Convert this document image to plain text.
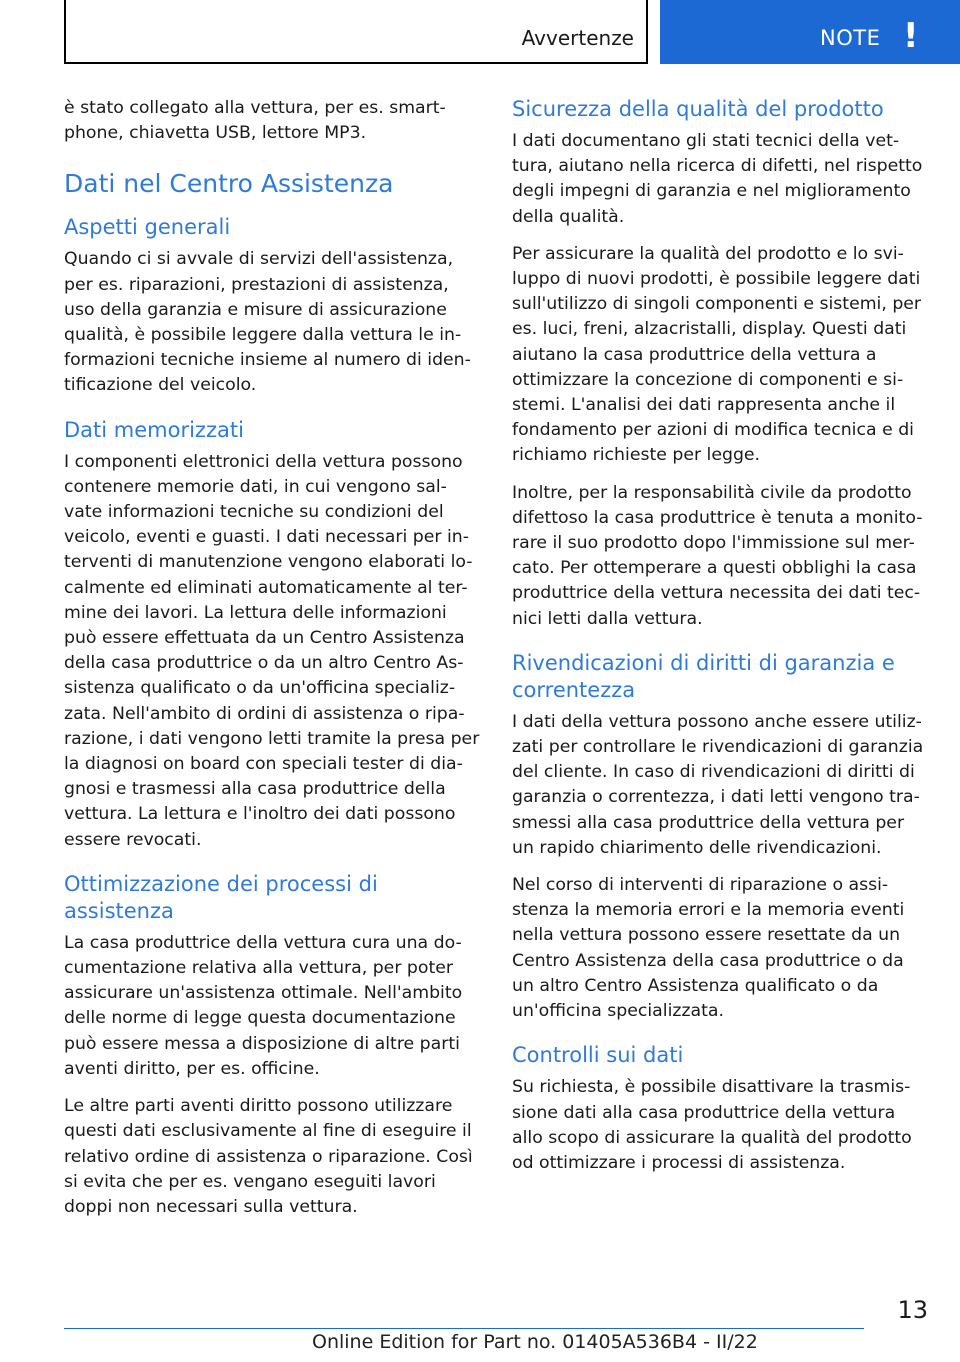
Avvertenze	NOTE !

è stato collegato alla vettura, per es. smart-phone, chiavetta USB, lettore MP3.

Dati nel Centro Assistenza
Aspetti generali

Quando ci si avvale di servizi dell'assistenza, per es. riparazioni, prestazioni di assistenza, uso della garanzia e misure di assicurazione qualità, è possibile leggere dalla vettura le in-formazioni tecniche insieme al numero di iden-tificazione del veicolo.

Dati memorizzati

I componenti elettronici della vettura possono contenere memorie dati, in cui vengono sal-vate informazioni tecniche su condizioni del veicolo, eventi e guasti. I dati necessari per in-terventi di manutenzione vengono elaborati lo-calmente ed eliminati automaticamente al ter-mine dei lavori. La lettura delle informazioni può essere effettuata da un Centro Assistenza della casa produttrice o da un altro Centro As-sistenza qualificato o da un'officina specializ-zata. Nell'ambito di ordini di assistenza o ripa-razione, i dati vengono letti tramite la presa per la diagnosi on board con speciali tester di dia-gnosi e trasmessi alla casa produttrice della vettura. La lettura e l'inoltro dei dati possono essere revocati.

Ottimizzazione dei processi di assistenza

La casa produttrice della vettura cura una do-cumentazione relativa alla vettura, per poter assicurare un'assistenza ottimale. Nell'ambito delle norme di legge questa documentazione può essere messa a disposizione di altre parti aventi diritto, per es. officine.

Le altre parti aventi diritto possono utilizzare questi dati esclusivamente al fine di eseguire il relativo ordine di assistenza o riparazione. Così si evita che per es. vengano eseguiti lavori doppi non necessari sulla vettura.

Sicurezza della qualità del prodotto

I dati documentano gli stati tecnici della vet-tura, aiutano nella ricerca di difetti, nel rispetto degli impegni di garanzia e nel miglioramento della qualità.

Per assicurare la qualità del prodotto e lo svi-luppo di nuovi prodotti, è possibile leggere dati sull'utilizzo di singoli componenti e sistemi, per es. luci, freni, alzacristalli, display. Questi dati aiutano la casa produttrice della vettura a ottimizzare la concezione di componenti e si-stemi. L'analisi dei dati rappresenta anche il fondamento per azioni di modifica tecnica e di richiamo richieste per legge.

Inoltre, per la responsabilità civile da prodotto difettoso la casa produttrice è tenuta a monito-rare il suo prodotto dopo l'immissione sul mer-cato. Per ottemperare a questi obblighi la casa produttrice della vettura necessita dei dati tec-nici letti dalla vettura.

Rivendicazioni di diritti di garanzia e correntezza

I dati della vettura possono anche essere utiliz-zati per controllare le rivendicazioni di garanzia del cliente. In caso di rivendicazioni di diritti di garanzia o correntezza, i dati letti vengono tra-smessi alla casa produttrice della vettura per un rapido chiarimento delle rivendicazioni.

Nel corso di interventi di riparazione o assi-stenza la memoria errori e la memoria eventi nella vettura possono essere resettate da un Centro Assistenza della casa produttrice o da un altro Centro Assistenza qualificato o da un'officina specializzata.

Controlli sui dati

Su richiesta, è possibile disattivare la trasmis-sione dati alla casa produttrice della vettura allo scopo di assicurare la qualità del prodotto od ottimizzare i processi di assistenza.

13
Online Edition for Part no. 01405A536B4 - II/22
